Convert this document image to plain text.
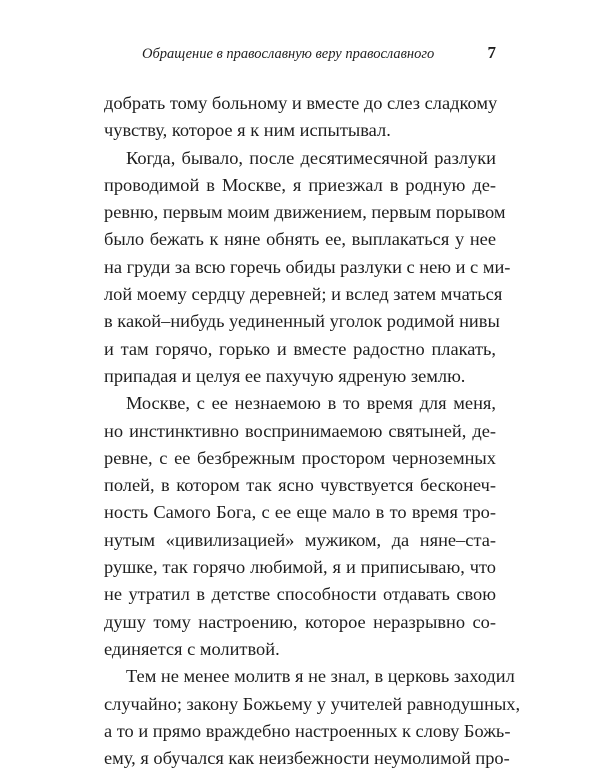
Обращение в православную веру православного	7
добрать тому больному и вместе до слез сладкому
чувству, которое я к ним испытывал.
Когда, бывало, после десятимесячной разлуки
проводимой в Москве, я приезжал в родную де-
ревню, первым моим движением, первым порывом
было бежать к няне обнять ее, выплакаться у нее
на груди за всю горечь обиды разлуки с нею и с ми-
лой моему сердцу деревней; и вслед затем мчаться
в какой–нибудь уединенный уголок родимой нивы
и там горячо, горько и вместе радостно плакать,
припадая и целуя ее пахучую ядреную землю.
Москве, с ее незнаемою в то время для меня,
но инстинктивно воспринимаемою святыней, де-
ревне, с ее безбрежным простором черноземных
полей, в котором так ясно чувствуется бесконеч-
ность Самого Бога, с ее еще мало в то время тро-
нутым «цивилизацией» мужиком, да няне–ста-
рушке, так горячо любимой, я и приписываю, что
не утратил в детстве способности отдавать свою
душу тому настроению, которое неразрывно со-
единяется с молитвой.
Тем не менее молитв я не знал, в церковь заходил
случайно; закону Божьему у учителей равнодушных,
а то и прямо враждебно настроенных к слову Божь-
ему, я обучался как неизбежности неумолимой про-
